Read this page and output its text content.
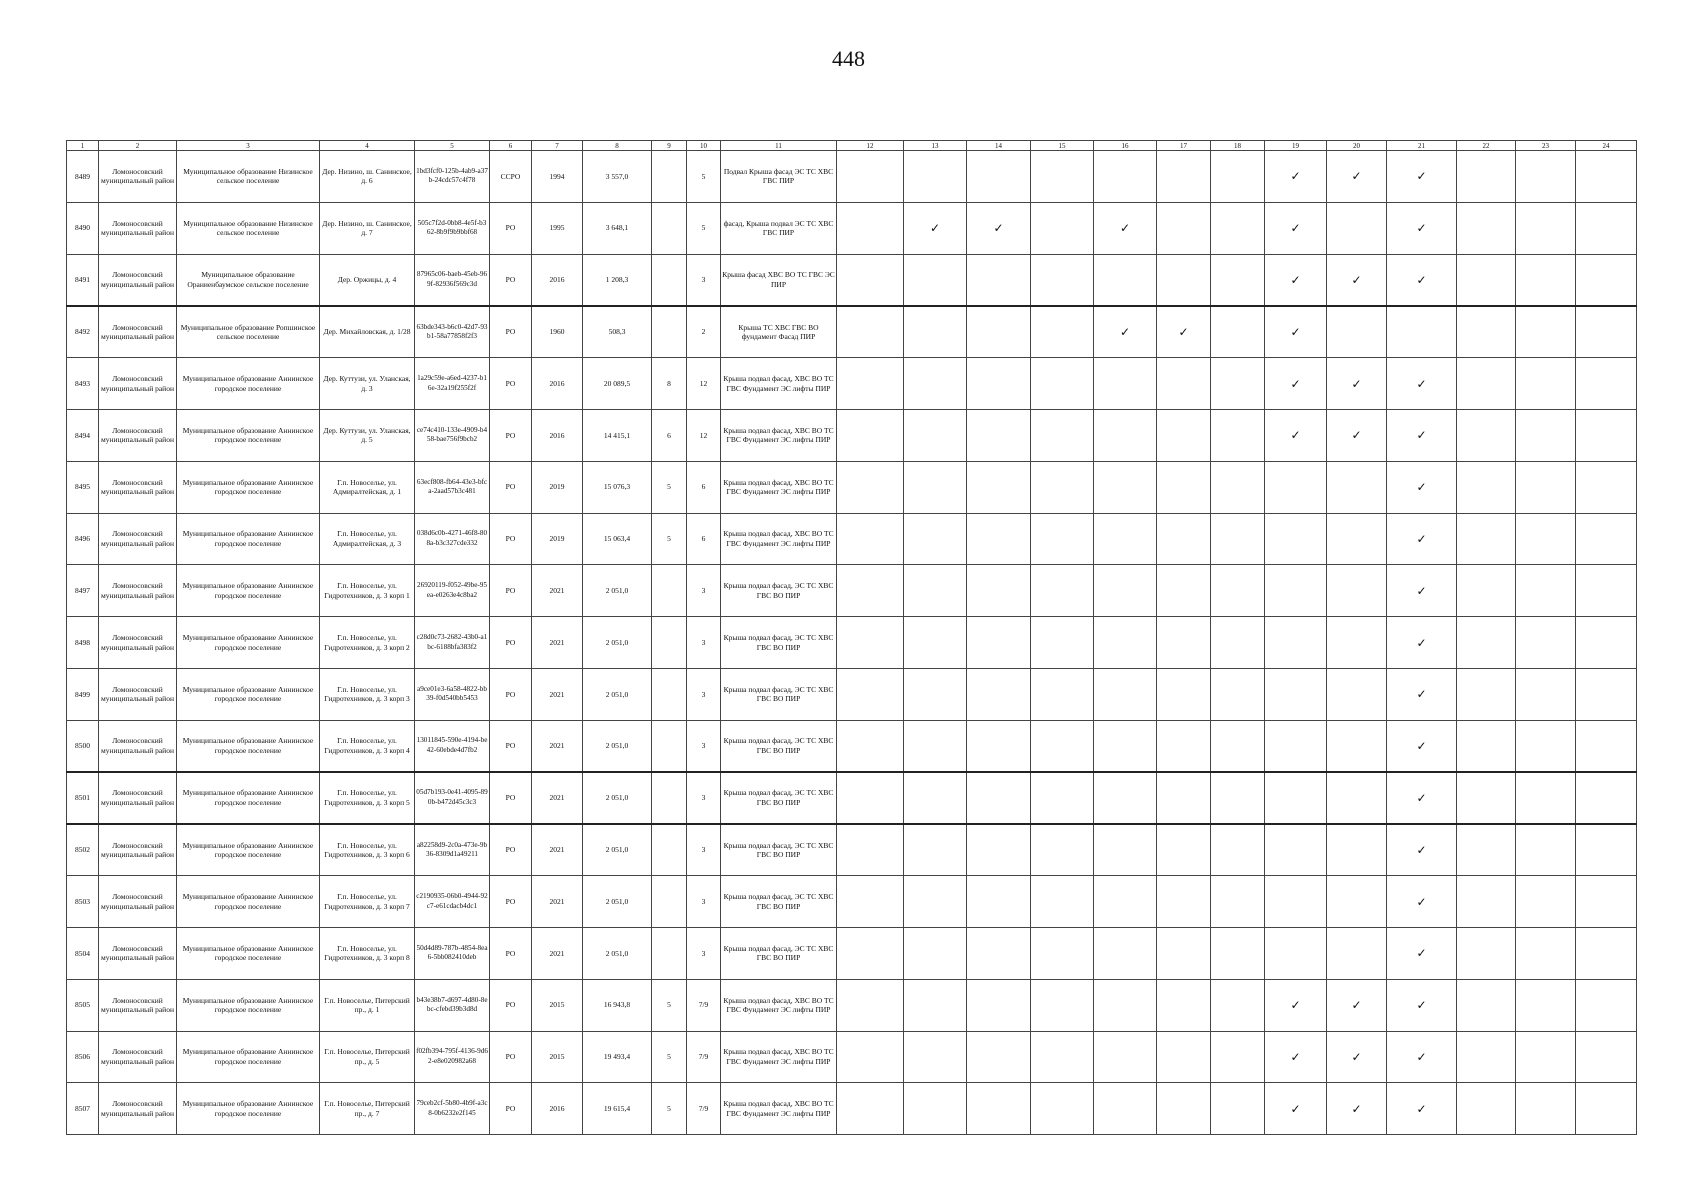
448
1	2	3	4	5	6	7	8	9	10	11	12	13	14	15	16	17	18	19	20	21	22	23	24
8489	Ломоносовский муниципальный район	Муниципальное образование Низинское сельское поселение	Дер. Низино, ш. Санинское, д. 6	1bd3fcf0-125b-4ab9-a37b-24cdc57c4f78	ССРО	1994	3 557,0		5	Подвал Крыша фасад ЭС ТС ХВС ГВС ПИР								✓	✓	✓			
8490	Ломоносовский муниципальный район	Муниципальное образование Низинское сельское поселение	Дер. Низино, ш. Санинское, д. 7	505c7f2d-0bb8-4e5f-b362-8b9f9b9bbf68	РО	1995	3 648,1		5	фасад, Крыша подвал ЭС ТС ХВС ГВС ПИР		✓	✓		✓			✓		✓			
8491	Ломоносовский муниципальный район	Муниципальное образование Ораниенбаумское сельское поселение	Дер. Оржицы, д. 4	87965c06-baeb-45eb-969f-82936f569c3d	РО	2016	1 208,3		3	Крыша фасад ХВС ВО ТС ГВС ЭС ПИР								✓	✓	✓			
8492	Ломоносовский муниципальный район	Муниципальное образование Ропшинское сельское поселение	Дер. Михайловская, д. 1/28	63bde343-b6c0-42d7-93b1-58a77858f2f3	РО	1960	508,3		2	Крыша ТС ХВС ГВС ВО фундамент Фасад ПИР					✓	✓		✓					
8493	Ломоносовский муниципальный район	Муниципальное образование Аннинское городское поселение	Дер. Куттузи, ул. Уланская, д. 3	1a29c59e-a6ed-4237-b16e-32a19f255f2f	РО	2016	20 089,5	8	12	Крыша подвал фасад, ХВС ВО ТС ГВС Фундамент ЭС лифты ПИР								✓	✓	✓			
8494	Ломоносовский муниципальный район	Муниципальное образование Аннинское городское поселение	Дер. Куттузи, ул. Уланская, д. 5	ce74c410-133e-4909-b458-bae756f9bcb2	РО	2016	14 415,1	6	12	Крыша подвал фасад, ХВС ВО ТС ГВС Фундамент ЭС лифты ПИР								✓	✓	✓			
8495	Ломоносовский муниципальный район	Муниципальное образование Аннинское городское поселение	Г.п. Новоселье, ул. Адмиралтейская, д. 1	63ecf808-fb64-43e3-bfca-2aad57b3c481	РО	2019	15 076,3	5	6	Крыша подвал фасад, ХВС ВО ТС ГВС Фундамент ЭС лифты ПИР										✓			
8496	Ломоносовский муниципальный район	Муниципальное образование Аннинское городское поселение	Г.п. Новоселье, ул. Адмиралтейская, д. 3	038d6c0b-4271-46f8-808a-b3c327cde332	РО	2019	15 063,4	5	6	Крыша подвал фасад, ХВС ВО ТС ГВС Фундамент ЭС лифты ПИР										✓			
8497	Ломоносовский муниципальный район	Муниципальное образование Аннинское городское поселение	Г.п. Новоселье, ул. Гидротехников, д. 3 корп 1	26920119-f052-49be-95ea-e0263e4c8ba2	РО	2021	2 051,0		3	Крыша подвал фасад, ЭС ТС ХВС ГВС ВО ПИР										✓			
8498	Ломоносовский муниципальный район	Муниципальное образование Аннинское городское поселение	Г.п. Новоселье, ул. Гидротехников, д. 3 корп 2	c28d0c73-2682-43b0-a1bc-6188bfa383f2	РО	2021	2 051,0		3	Крыша подвал фасад, ЭС ТС ХВС ГВС ВО ПИР										✓			
8499	Ломоносовский муниципальный район	Муниципальное образование Аннинское городское поселение	Г.п. Новоселье, ул. Гидротехников, д. 3 корп 3	a9ce01e3-6a58-4822-bb39-f0d540bb5453	РО	2021	2 051,0		3	Крыша подвал фасад, ЭС ТС ХВС ГВС ВО ПИР										✓			
8500	Ломоносовский муниципальный район	Муниципальное образование Аннинское городское поселение	Г.п. Новоселье, ул. Гидротехников, д. 3 корп 4	13011845-590e-4194-be42-60ebde4d7fb2	РО	2021	2 051,0		3	Крыша подвал фасад, ЭС ТС ХВС ГВС ВО ПИР										✓			
8501	Ломоносовский муниципальный район	Муниципальное образование Аннинское городское поселение	Г.п. Новоселье, ул. Гидротехников, д. 3 корп 5	05d7b193-0e41-4095-890b-b472d45c3c3	РО	2021	2 051,0		3	Крыша подвал фасад, ЭС ТС ХВС ГВС ВО ПИР										✓			
8502	Ломоносовский муниципальный район	Муниципальное образование Аннинское городское поселение	Г.п. Новоселье, ул. Гидротехников, д. 3 корп 6	a82258d9-2c0a-473e-9b36-8309d1a49211	РО	2021	2 051,0		3	Крыша подвал фасад, ЭС ТС ХВС ГВС ВО ПИР										✓			
8503	Ломоносовский муниципальный район	Муниципальное образование Аннинское городское поселение	Г.п. Новоселье, ул. Гидротехников, д. 3 корп 7	c2190935-06b0-4944-92c7-e61cdacb4dc1	РО	2021	2 051,0		3	Крыша подвал фасад, ЭС ТС ХВС ГВС ВО ПИР										✓			
8504	Ломоносовский муниципальный район	Муниципальное образование Аннинское городское поселение	Г.п. Новоселье, ул. Гидротехников, д. 3 корп 8	50d4d89-787b-4854-8ea6-5bb082410deb	РО	2021	2 051,0		3	Крыша подвал фасад, ЭС ТС ХВС ГВС ВО ПИР										✓			
8505	Ломоносовский муниципальный район	Муниципальное образование Аннинское городское поселение	Г.п. Новоселье, Питерский пр., д. 1	b43e38b7-d697-4d80-8ebc-cfebd39b3d8d	РО	2015	16 943,8	5	7/9	Крыша подвал фасад, ХВС ВО ТС ГВС Фундамент ЭС лифты ПИР								✓	✓	✓			
8506	Ломоносовский муниципальный район	Муниципальное образование Аннинское городское поселение	Г.п. Новоселье, Питерский пр., д. 5	f02fb394-795f-4136-9d62-e8e020982a68	РО	2015	19 493,4	5	7/9	Крыша подвал фасад, ХВС ВО ТС ГВС Фундамент ЭС лифты ПИР								✓	✓	✓			
8507	Ломоносовский муниципальный район	Муниципальное образование Аннинское городское поселение	Г.п. Новоселье, Питерский пр., д. 7	79ceb2cf-5b80-4b9f-a3c8-0b6232e2f145	РО	2016	19 615,4	5	7/9	Крыша подвал фасад, ХВС ВО ТС ГВС Фундамент ЭС лифты ПИР								✓	✓	✓			
